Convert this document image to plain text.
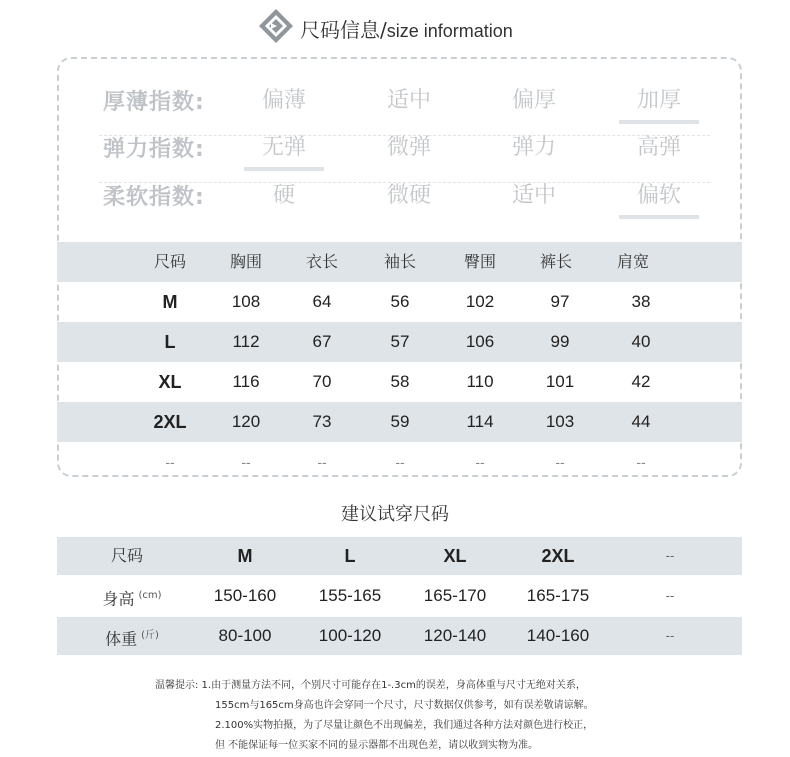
尺码信息/size information
厚薄指数:	偏薄	适中	偏厚	加厚
弹力指数:	无弹	微弹	弹力	高弹
柔软指数:	硬	微硬	适中	偏软
尺码	胸围	衣长	袖长	臀围	裤长	肩宽
M	108	64	56	102	97	38
L	112	67	57	106	99	40
XL	116	70	58	110	101	42
2XL	120	73	59	114	103	44
--	--	--	--	--	--	--
建议试穿尺码
尺码	M	L	XL	2XL	--
身高 $^{(cm)}$	150-160	155-165	165-170	165-175	--
体重 $^{(斤)}$	80-100	100-120	120-140	140-160	--
温馨提示: 1.由于测量方法不同，个别尺寸可能存在1-.3cm的误差，身高体重与尺寸无绝对关系，
155cm与165cm身高也许会穿同一个尺寸，尺寸数据仅供参考，如有误差敬请谅解。
2.100%实物拍摄，为了尽量让颜色不出现偏差，我们通过各种方法对颜色进行校正，
但 不能保证每一位买家不同的显示器都不出现色差，请以收到实物为准。
